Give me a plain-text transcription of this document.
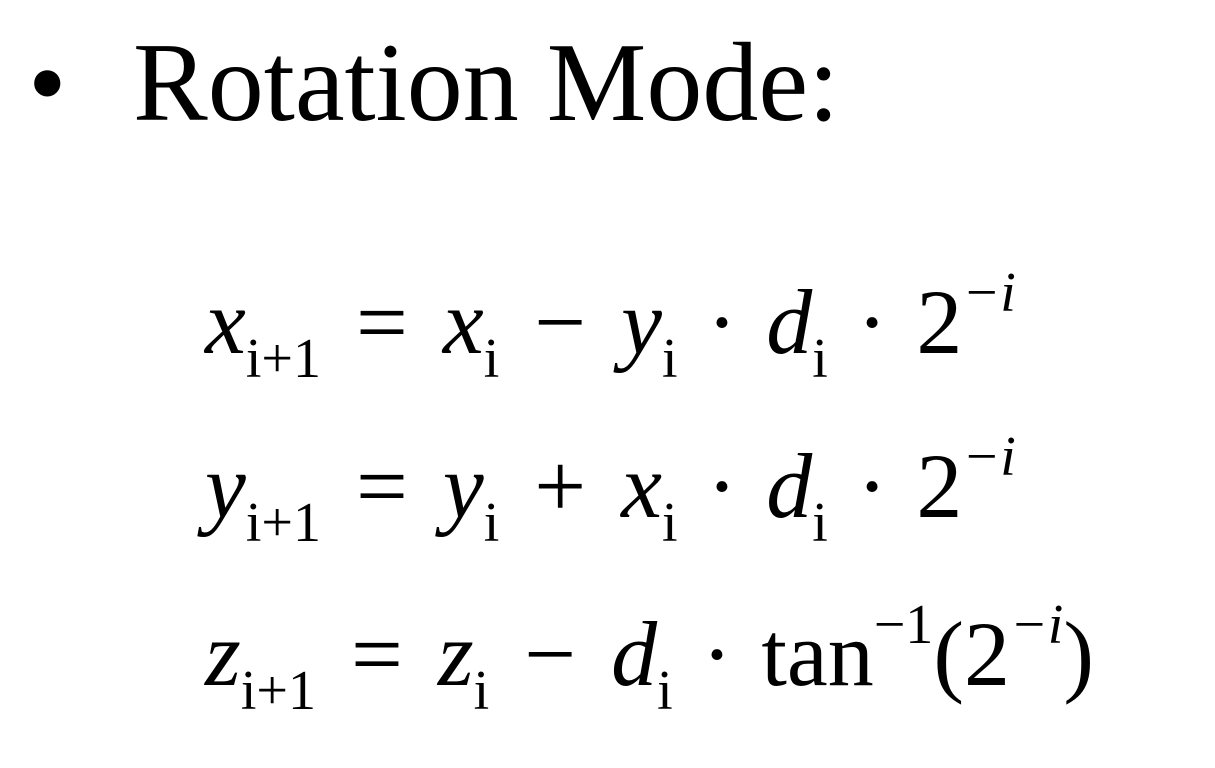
• Rotation Mode:
$x_{i+1} = x_i - y_i \cdot d_i \cdot 2^{-i}$
$y_{i+1} = y_i + x_i \cdot d_i \cdot 2^{-i}$
$z_{i+1} = z_i - d_i \cdot \tan^{-1}(2^{-i})$
